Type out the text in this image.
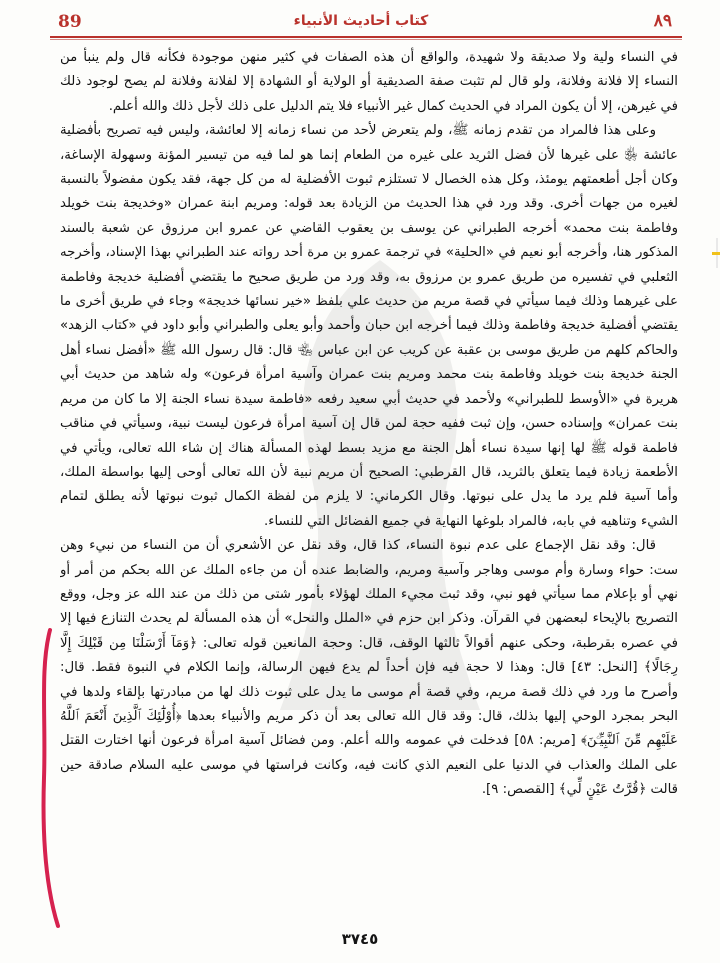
89	كتاب أحاديث الأنبياء	٨٩

في النساء ولية ولا صديقة ولا شهيدة، والواقع أن هذه الصفات في كثير منهن موجودة فكأنه قال ولم ينبأ من النساء إلا فلانة وفلانة، ولو قال لم تثبت صفة الصديقية أو الولاية أو الشهادة إلا لفلانة وفلانة لم يصح لوجود ذلك في غيرهن، إلا أن يكون المراد في الحديث كمال غير الأنبياء فلا يتم الدليل على ذلك لأجل ذلك والله أعلم.

وعلى هذا فالمراد من تقدم زمانه ﷺ، ولم يتعرض لأحد من نساء زمانه إلا لعائشة، وليس فيه تصريح بأفضلية عائشة ﵂ على غيرها لأن فضل الثريد على غيره من الطعام إنما هو لما فيه من تيسير المؤنة وسهولة الإساغة، وكان أجل أطعمتهم يومئذ، وكل هذه الخصال لا تستلزم ثبوت الأفضلية له من كل جهة، فقد يكون مفضولاً بالنسبة لغيره من جهات أخرى. وقد ورد في هذا الحديث من الزيادة بعد قوله: ومريم ابنة عمران «وخديجة بنت خويلد وفاطمة بنت محمد» أخرجه الطبراني عن يوسف بن يعقوب القاضي عن عمرو ابن مرزوق عن شعبة بالسند المذكور هنا، وأخرجه أبو نعيم في «الحلية» في ترجمة عمرو بن مرة أحد رواته عند الطبراني بهذا الإسناد، وأخرجه الثعلبي في تفسيره من طريق عمرو بن مرزوق به، وقد ورد من طريق صحيح ما يقتضي أفضلية خديجة وفاطمة على غيرهما وذلك فيما سيأتي في قصة مريم من حديث علي بلفظ «خير نسائها خديجة» وجاء في طريق أخرى ما يقتضي أفضلية خديجة وفاطمة وذلك فيما أخرجه ابن حبان وأحمد وأبو يعلى والطبراني وأبو داود في «كتاب الزهد» والحاكم كلهم من طريق موسى بن عقبة عن كريب عن ابن عباس ﵄ قال: قال رسول الله ﷺ «أفضل نساء أهل الجنة خديجة بنت خويلد وفاطمة بنت محمد ومريم بنت عمران وآسية امرأة فرعون» وله شاهد من حديث أبي هريرة في «الأوسط للطبراني» ولأحمد في حديث أبي سعيد رفعه «فاطمة سيدة نساء الجنة إلا ما كان من مريم بنت عمران» وإسناده حسن، وإن ثبت ففيه حجة لمن قال إن آسية امرأة فرعون ليست نبية، وسيأتي في مناقب فاطمة قوله ﷺ لها إنها سيدة نساء أهل الجنة مع مزيد بسط لهذه المسألة هناك إن شاء الله تعالى، ويأتي في الأطعمة زيادة فيما يتعلق بالثريد، قال القرطبي: الصحيح أن مريم نبية لأن الله تعالى أوحى إليها بواسطة الملك، وأما آسية فلم يرد ما يدل على نبوتها. وقال الكرماني: لا يلزم من لفظة الكمال ثبوت نبوتها لأنه يطلق لتمام الشيء وتناهيه في بابه، فالمراد بلوغها النهاية في جميع الفضائل التي للنساء.

قال: وقد نقل الإجماع على عدم نبوة النساء، كذا قال، وقد نقل عن الأشعري أن من النساء من نبيء وهن ست: حواء وسارة وأم موسى وهاجر وآسية ومريم، والضابط عنده أن من جاءه الملك عن الله بحكم من أمر أو نهي أو بإعلام مما سيأتي فهو نبي، وقد ثبت مجيء الملك لهؤلاء بأمور شتى من ذلك من عند الله عز وجل، ووقع التصريح بالإيحاء لبعضهن في القرآن. وذكر ابن حزم في «الملل والنحل» أن هذه المسألة لم يحدث التنازع فيها إلا في عصره بقرطبة، وحكى عنهم أقوالاً ثالثها الوقف، قال: وحجة المانعين قوله تعالى: ﴿وَمَآ أَرْسَلْنَا مِن قَبْلِكَ إِلَّا رِجَالًا﴾ [النحل: ٤٣] قال: وهذا لا حجة فيه فإن أحداً لم يدع فيهن الرسالة، وإنما الكلام في النبوة فقط. قال: وأصرح ما ورد في ذلك قصة مريم، وفي قصة أم موسى ما يدل على ثبوت ذلك لها من مبادرتها بإلقاء ولدها في البحر بمجرد الوحي إليها بذلك، قال: وقد قال الله تعالى بعد أن ذكر مريم والأنبياء بعدها ﴿أُوْلَٰٓئِكَ ٱلَّذِينَ أَنْعَمَ ٱللَّهُ عَلَيْهِم مِّنَ ٱلنَّبِيِّـۧنَ﴾ [مريم: ٥٨] فدخلت في عمومه والله أعلم. ومن فضائل آسية امرأة فرعون أنها اختارت القتل على الملك والعذاب في الدنيا على النعيم الذي كانت فيه، وكانت فراستها في موسى عليه السلام صادقة حين قالت ﴿قُرَّتُ عَيْنٍ لِّي﴾ [القصص: ٩].

٣٧٤٥
